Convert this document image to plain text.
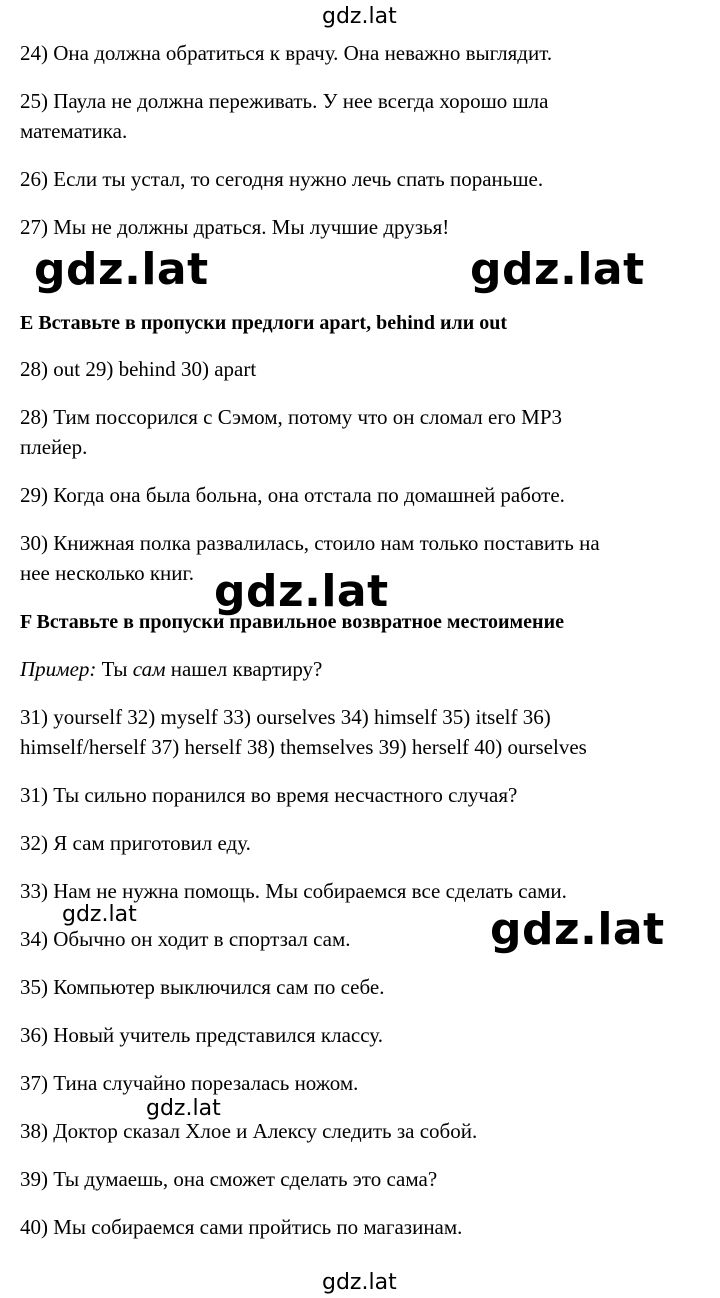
24) Она должна обратиться к врачу. Она неважно выглядит.
25) Паула не должна переживать. У нее всегда хорошо шла
математика.
26) Если ты устал, то сегодня нужно лечь спать пораньше.
27) Мы не должны драться. Мы лучшие друзья!
E Вставьте в пропуски предлоги apart, behind или out
28) out 29) behind 30) apart
28) Тим поссорился с Сэмом, потому что он сломал его MP3
плейер.
29) Когда она была больна, она отстала по домашней работе.
30) Книжная полка развалилась, стоило нам только поставить на
нее несколько книг.
F Вставьте в пропуски правильное возвратное местоимение
Пример: Ты сам нашел квартиру?
31) yourself 32) myself 33) ourselves 34) himself 35) itself 36)
himself/herself 37) herself 38) themselves 39) herself 40) ourselves
31) Ты сильно поранился во время несчастного случая?
32) Я сам приготовил еду.
33) Нам не нужна помощь. Мы собираемся все сделать сами.
34) Обычно он ходит в спортзал сам.
35) Компьютер выключился сам по себе.
36) Новый учитель представился классу.
37) Тина случайно порезалась ножом.
38) Доктор сказал Хлое и Алексу следить за собой.
39) Ты думаешь, она сможет сделать это сама?
40) Мы собираемся сами пройтись по магазинам.
gdz.lat
gdz.lat	gdz.lat
gdz.lat
gdz.lat	gdz.lat
gdz.lat
gdz.lat
